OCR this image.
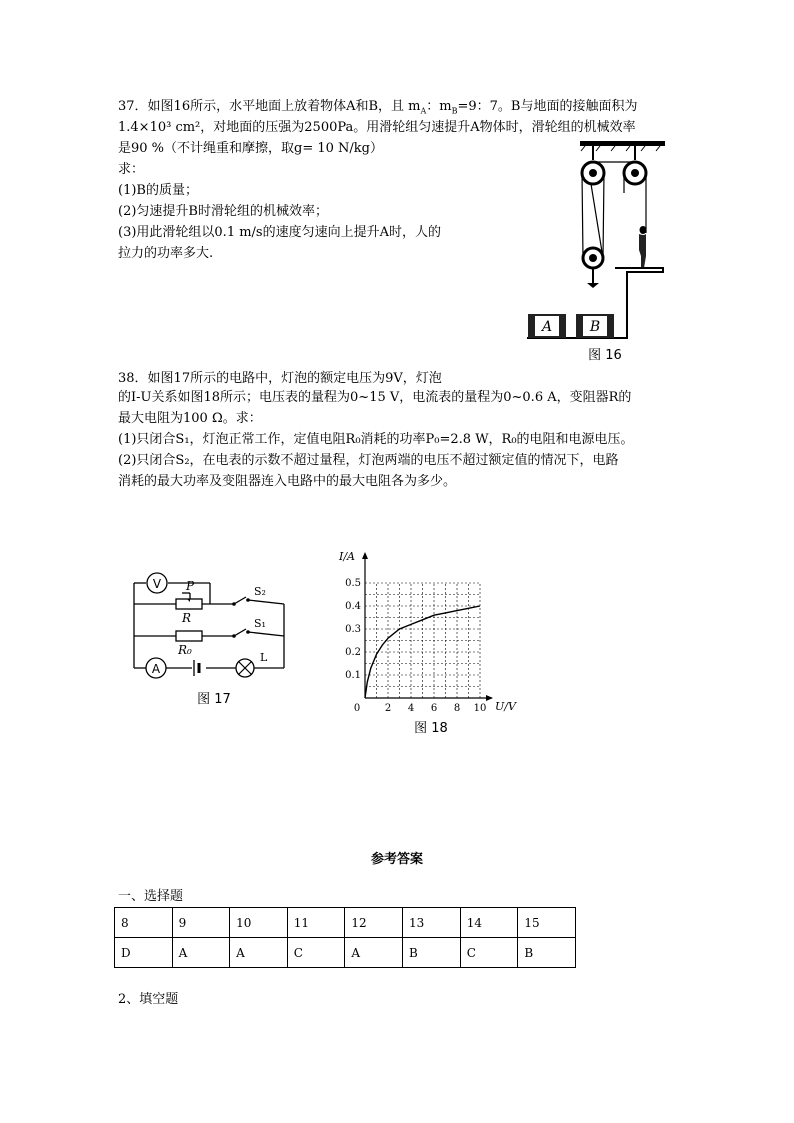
37．如图16所示，水平地面上放着物体A和B，且 $m_A$：$m_B=9$：7。B与地面的接触面积为
1.4×10³ cm²，对地面的压强为2500Pa。用滑轮组匀速提升A物体时，滑轮组的机械效率
是90 %（不计绳重和摩擦，取g= 10 N/kg）
求：
(1)B的质量；
(2)匀速提升B时滑轮组的机械效率；
(3)用此滑轮组以0.1 m/s的速度匀速向上提升A时，人的
拉力的功率多大.
A	B
图 16
38．如图17所示的电路中，灯泡的额定电压为9V，灯泡
的I-U关系如图18所示；电压表的量程为0~15 V，电流表的量程为0~0.6 A，变阻器R的
最大电阻为100 Ω。求：
(1)只闭合S₁，灯泡正常工作，定值电阻R₀消耗的功率P₀=2.8 W，R₀的电阻和电源电压。
(2)只闭合S₂，在电表的示数不超过量程，灯泡两端的电压不超过额定值的情况下，电路
消耗的最大功率及变阻器连入电路中的最大电阻各为多少。
V
A
P
R
R₀
S₂
S₁
L
图 17
0 2 4 6 8 10
0.1
0.2
0.3
0.4
0.5
I/A
U/V
图 18
参考答案
一、选择题
8	9	10	11	12	13	14	15
D	A	A	C	A	B	C	B
2、填空题
